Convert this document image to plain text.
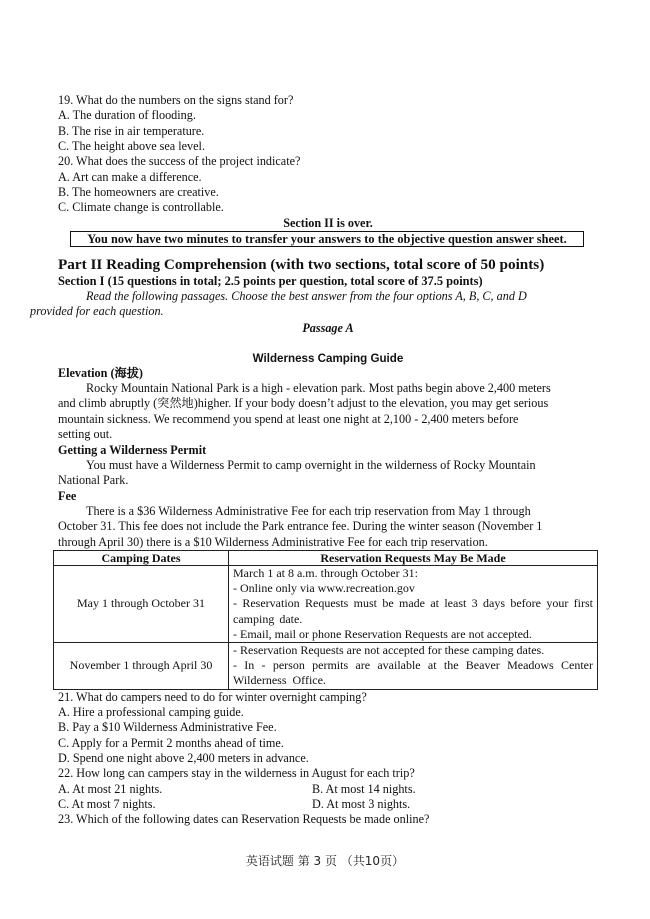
19. What do the numbers on the signs stand for?
A. The duration of flooding.
B. The rise in air temperature.
C. The height above sea level.
20. What does the success of the project indicate?
A. Art can make a difference.
B. The homeowners are creative.
C. Climate change is controllable.
Section II is over.
You now have two minutes to transfer your answers to the objective question answer sheet.
Part II Reading Comprehension (with two sections, total score of 50 points)
Section I (15 questions in total; 2.5 points per question, total score of 37.5 points)
Read the following passages. Choose the best answer from the four options A, B, C, and D
provided for each question.
Passage A
Wilderness Camping Guide
Elevation (海拔)
Rocky Mountain National Park is a high - elevation park. Most paths begin above 2,400 meters
and climb abruptly (突然地)higher. If your body doesn’t adjust to the elevation, you may get serious
mountain sickness. We recommend you spend at least one night at 2,100 - 2,400 meters before
setting out.
Getting a Wilderness Permit
You must have a Wilderness Permit to camp overnight in the wilderness of Rocky Mountain
National Park.
Fee
There is a $36 Wilderness Administrative Fee for each trip reservation from May 1 through
October 31. This fee does not include the Park entrance fee. During the winter season (November 1
through April 30) there is a $10 Wilderness Administrative Fee for each trip reservation.
Camping Dates	Reservation Requests May Be Made
May 1 through October 31	March 1 at 8 a.m. through October 31:
- Online only via www.recreation.gov
- Reservation Requests must be made at least 3 days before your first camping date.
- Email, mail or phone Reservation Requests are not accepted.

November 1 through April 30	- Reservation Requests are not accepted for these camping dates.
- In - person permits are available at the Beaver Meadows Center Wilderness Office.
21. What do campers need to do for winter overnight camping?
A. Hire a professional camping guide.
B. Pay a $10 Wilderness Administrative Fee.
C. Apply for a Permit 2 months ahead of time.
D. Spend one night above 2,400 meters in advance.
22. How long can campers stay in the wilderness in August for each trip?
A. At most 21 nights.	B. At most 14 nights.
C. At most 7 nights.	D. At most 3 nights.
23. Which of the following dates can Reservation Requests be made online?
英语试题 第 3 页 （共10页）
